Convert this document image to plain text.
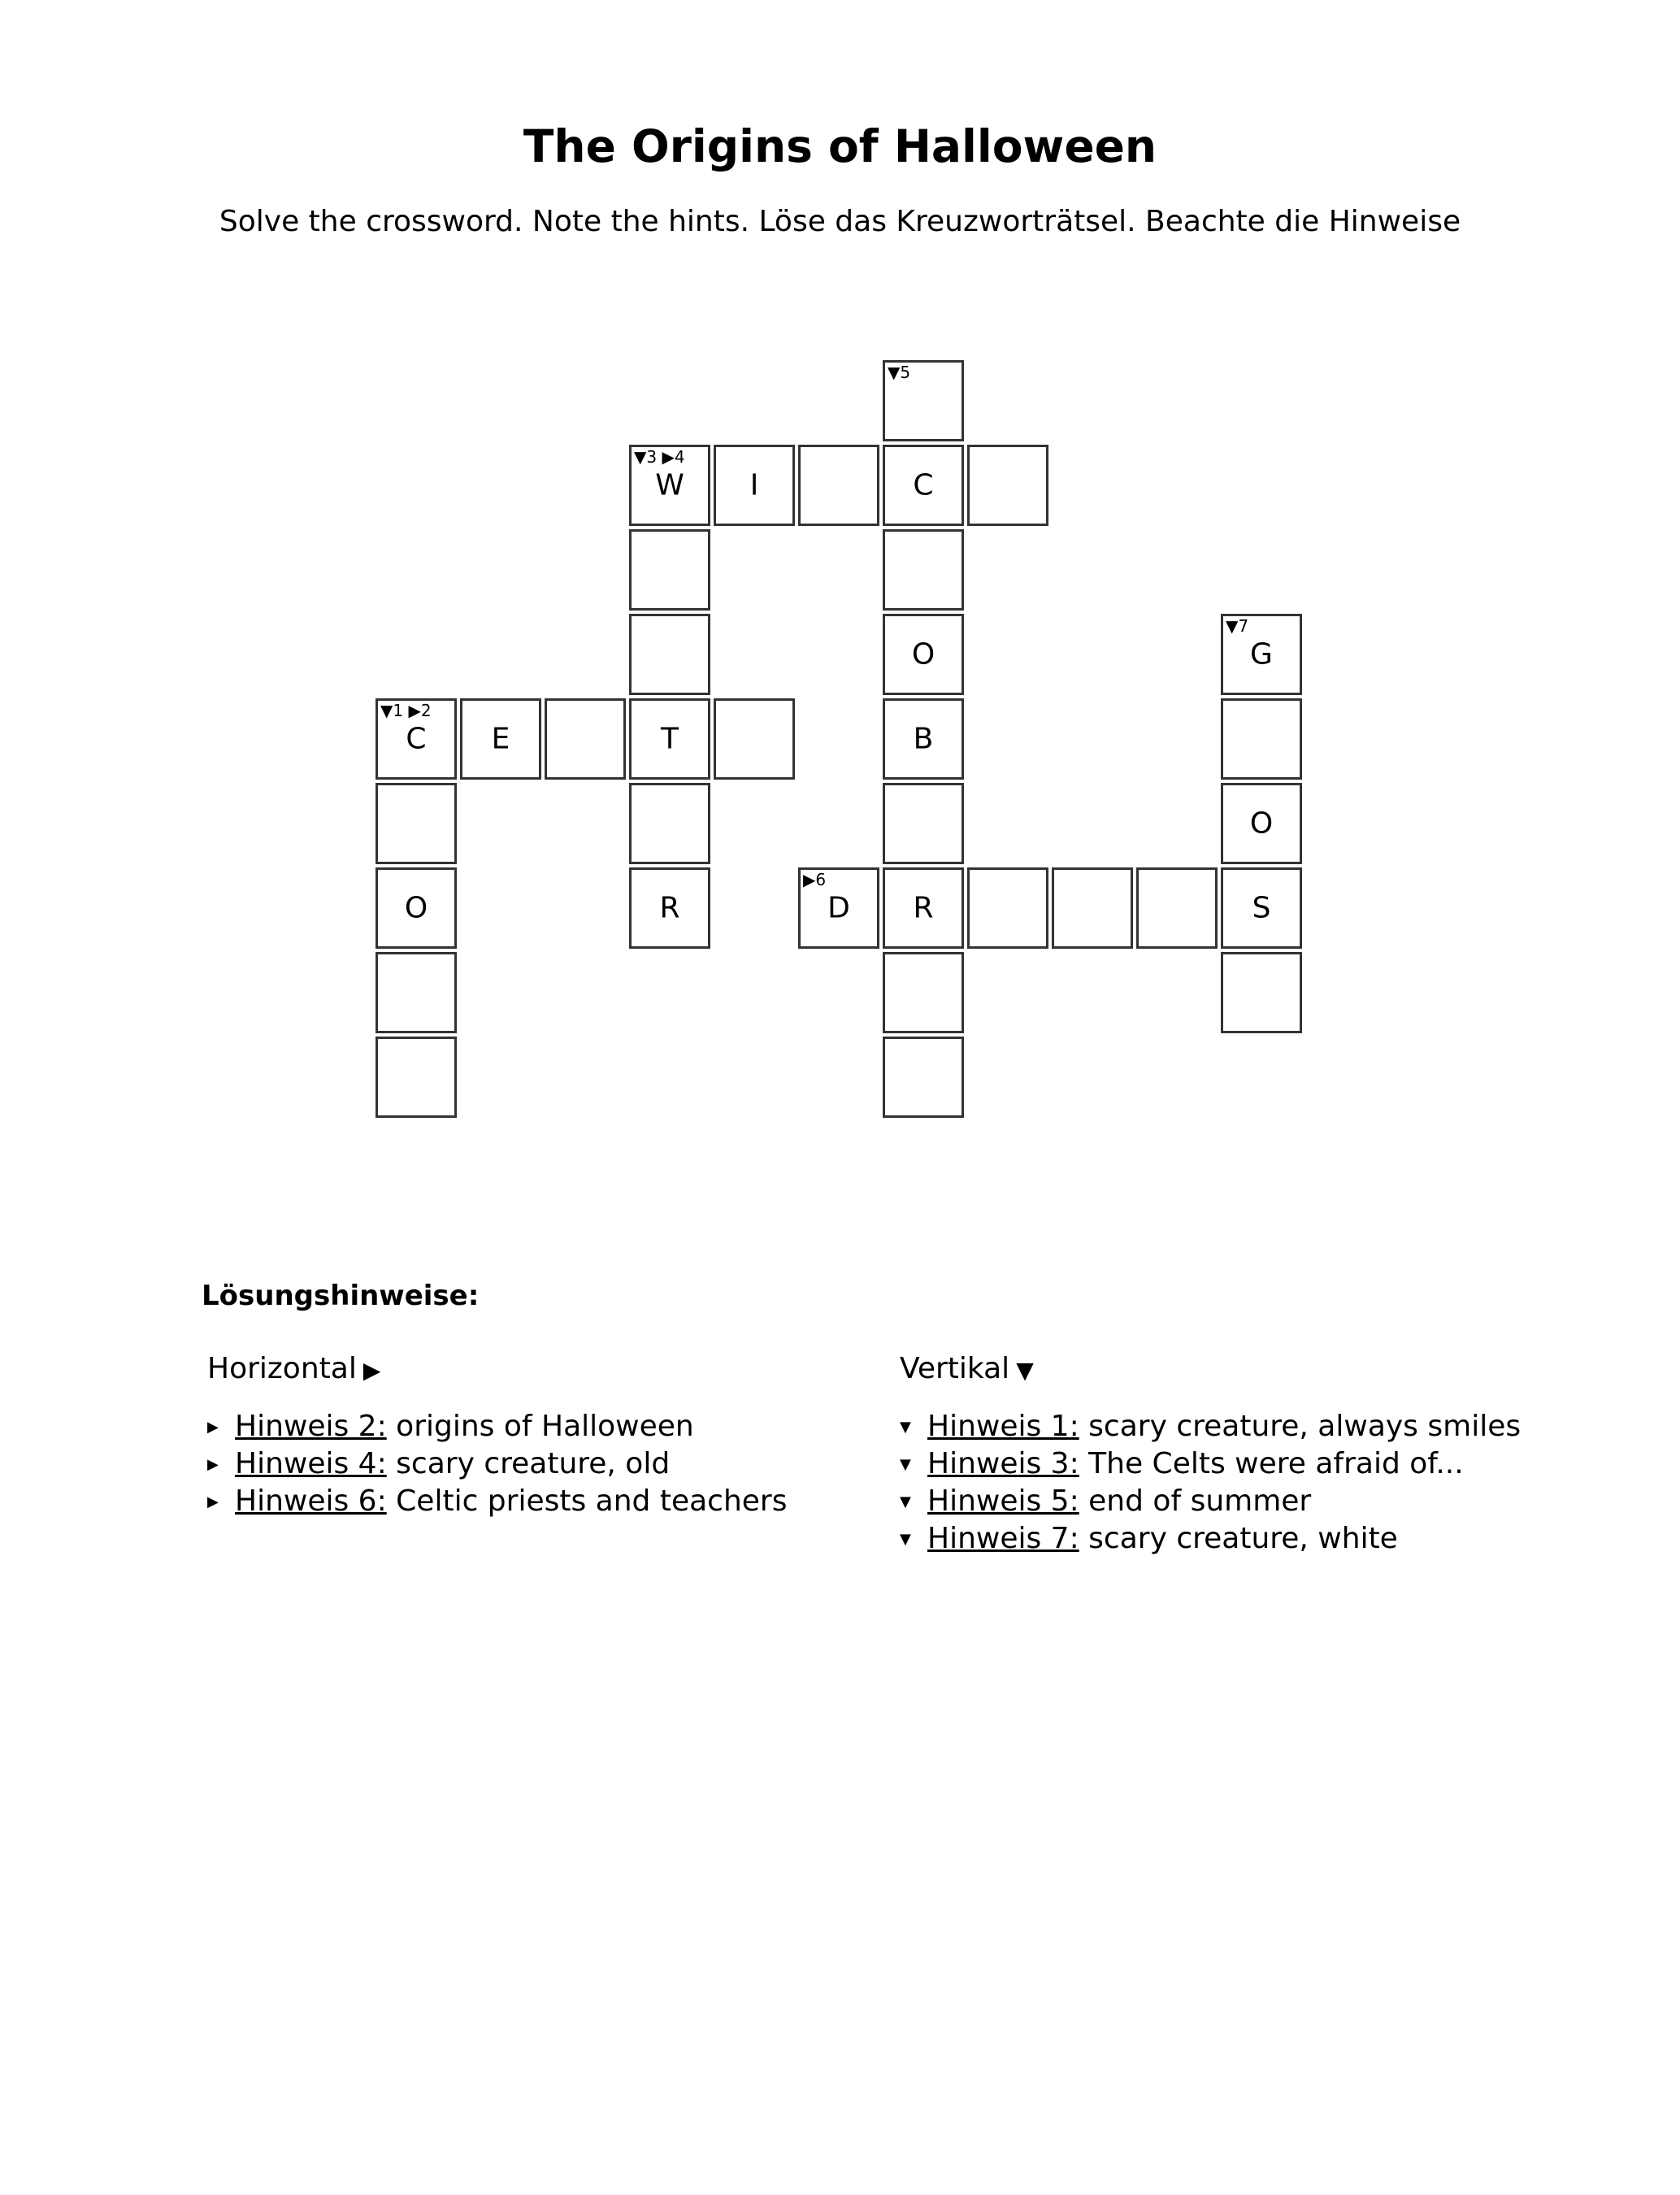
The Origins of Halloween

Solve the crossword. Note the hints. Löse das Kreuzworträtsel. Beachte die Hinweise

▼5
▼3 ▶4
W	I	C
O
▼7
G
▼1 ▶2
C	E	T	B
O
O	R
▶6
D	R	S
Lösungshinweise:
Horizontal ▶
▶ Hinweis 2: origins of Halloween
▶ Hinweis 4: scary creature, old
▶ Hinweis 6: Celtic priests and teachers
Vertikal ▼
▼ Hinweis 1: scary creature, always smiles
▼ Hinweis 3: The Celts were afraid of...
▼ Hinweis 5: end of summer
▼ Hinweis 7: scary creature, white
